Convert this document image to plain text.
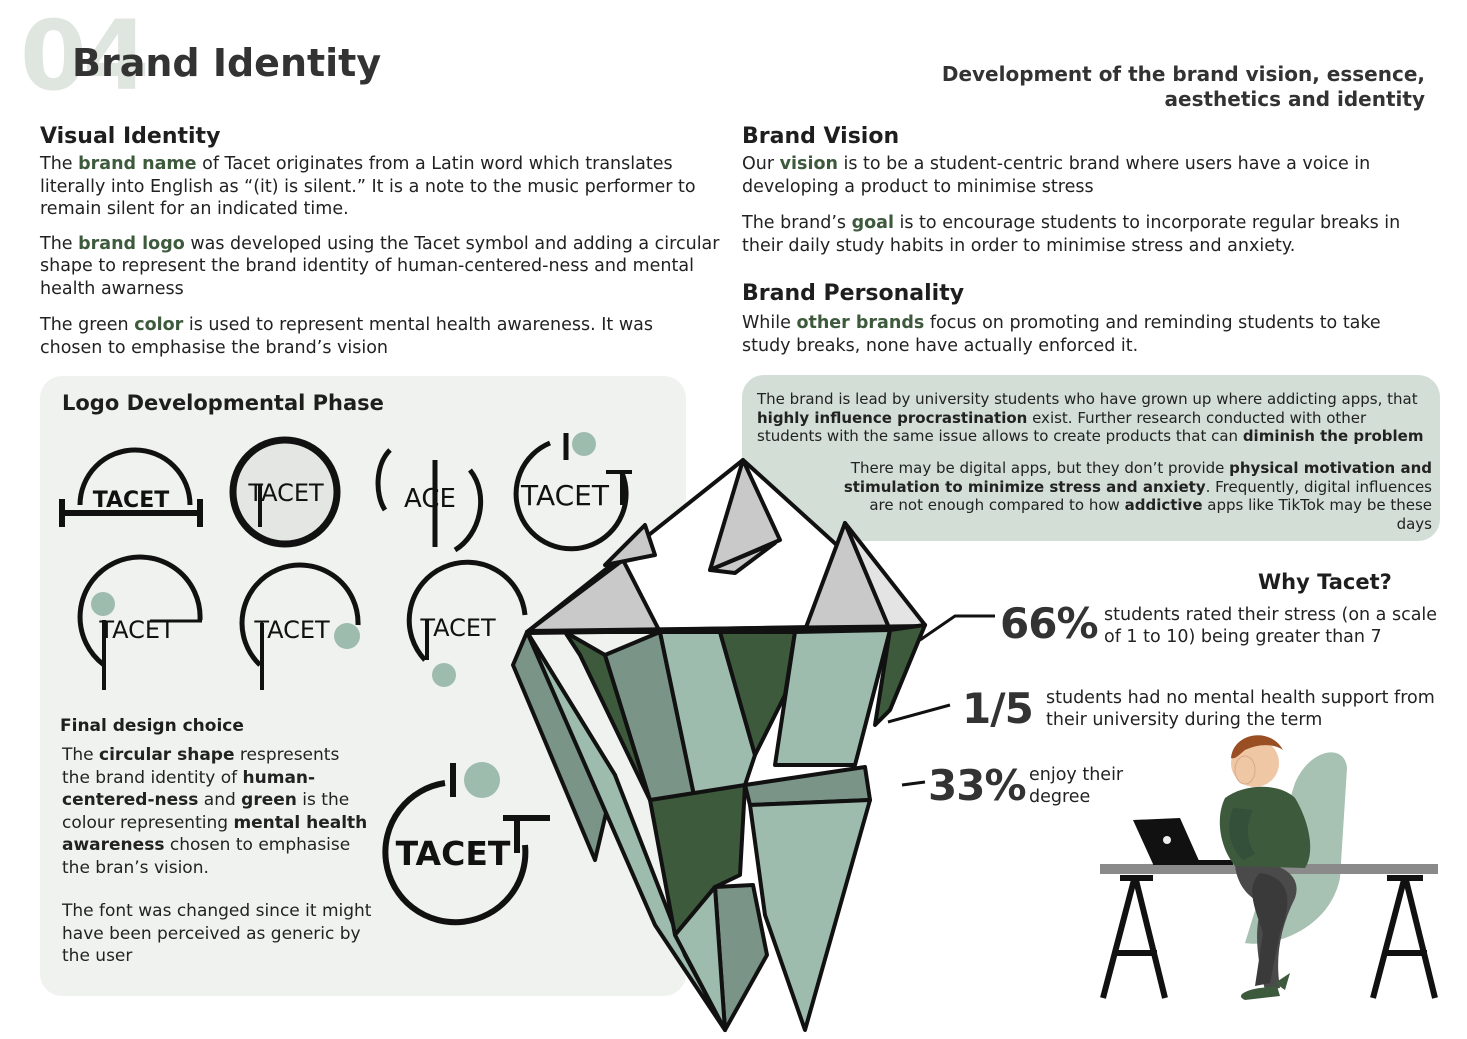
04
Brand Identity	Development of the brand vision, essence, aesthetics and identity
Visual Identity

The brand name of Tacet originates from a Latin word which translates literally into English as “(it) is silent.” It is a note to the music performer to remain silent for an indicated time.

The brand logo was developed using the Tacet symbol and adding a circular shape to represent the brand identity of human-centered-ness and mental health awarness

The green color is used to represent mental health awareness. It was chosen to emphasise the brand’s vision

Brand Vision

Our vision is to be a student-centric brand where users have a voice in developing a product to minimise stress

The brand’s goal is to encourage students to incorporate regular breaks in their daily study habits in order to minimise stress and anxiety.

Brand Personality

While other brands focus on promoting and reminding students to take study breaks, none have actually enforced it.

Logo Developmental Phase
TACET	TACET	ACE TACET
TACET	TACET	TACET
Final design choice

The circular shape respresents the brand identity of human-centered-ness and green is the colour representing mental health awareness chosen to emphasise the bran’s vision.

The font was changed since it might have been perceived as generic by the user

TACET
The brand is lead by university students who have grown up where addicting apps, that highly influence procrastination exist. Further research conducted with other students with the same issue allows to create products that can diminish the problem
There may be digital apps, but they don’t provide physical motivation and stimulation to minimize stress and anxiety. Frequently, digital influences are not enough compared to how addictive apps like TikTok may be these days
Why Tacet?
66% students rated their stress (on a scale of 1 to 10) being greater than 7
1/5 students had no mental health support from their university during the term
33% enjoy their degree
